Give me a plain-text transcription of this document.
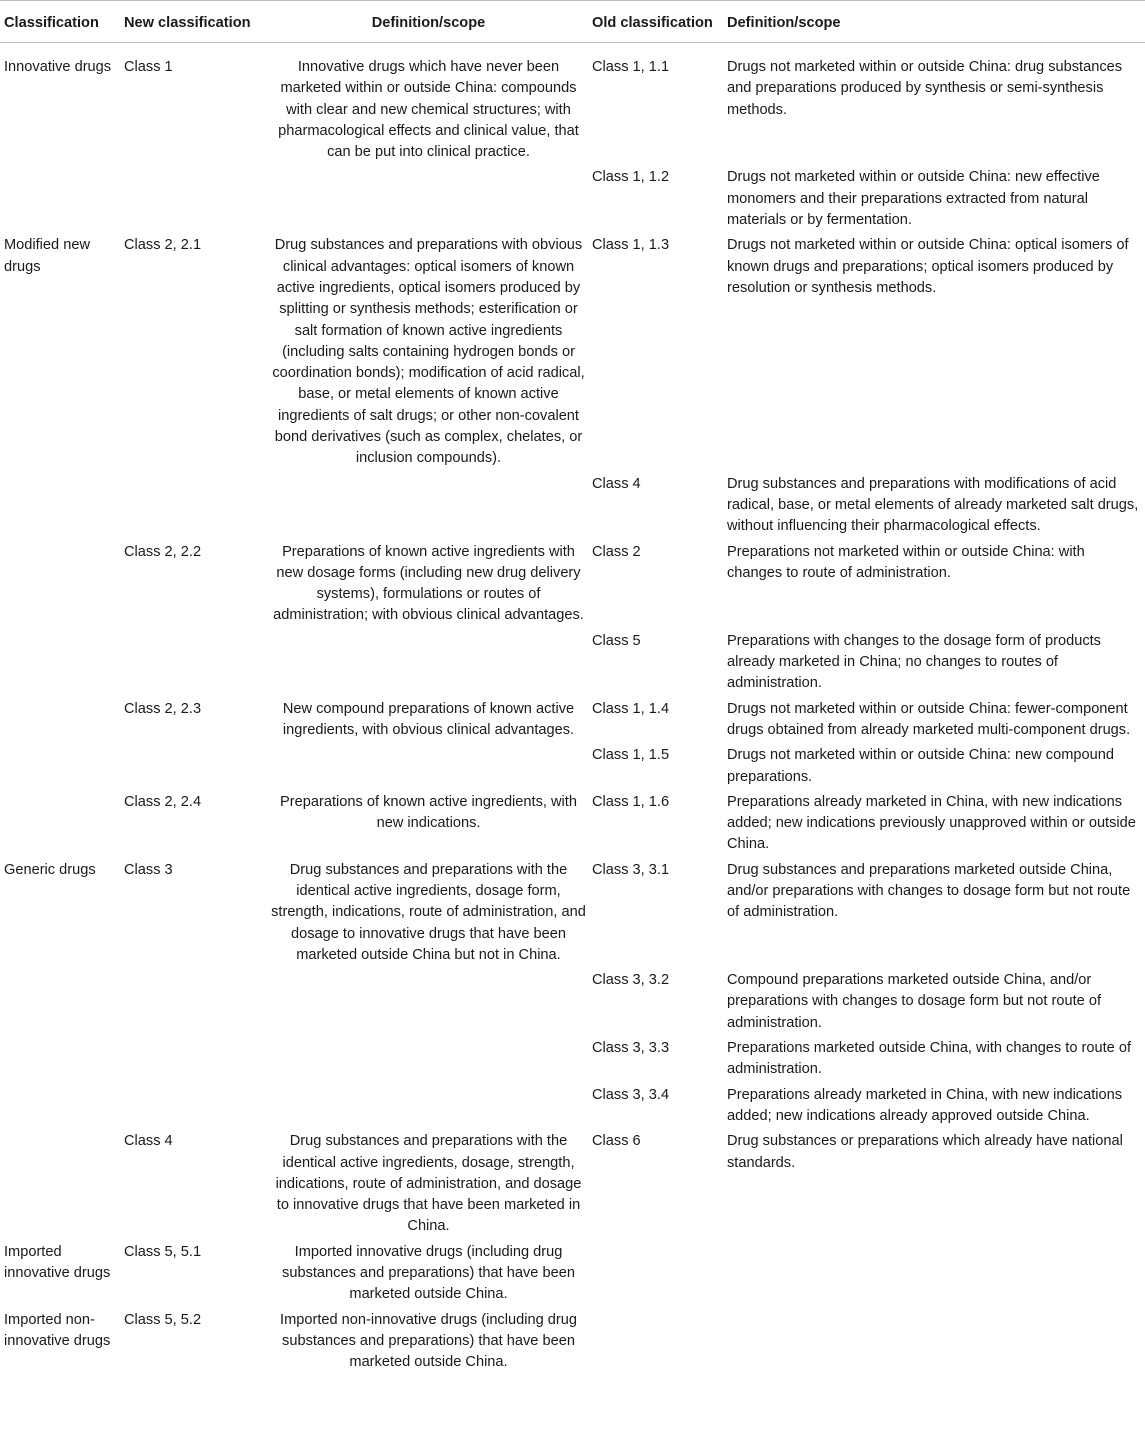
Classification	New classification	Definition/scope	Old classification	Definition/scope
Innovative drugs	Class 1	Innovative drugs which have never been marketed within or outside China: compounds with clear and new chemical structures; with pharmacological effects and clinical value, that can be put into clinical practice.	Class 1, 1.1	Drugs not marketed within or outside China: drug substances and preparations produced by synthesis or semi-synthesis methods.
			Class 1, 1.2	Drugs not marketed within or outside China: new effective monomers and their preparations extracted from natural materials or by fermentation.
Modified new drugs	Class 2, 2.1	Drug substances and preparations with obvious clinical advantages: optical isomers of known active ingredients, optical isomers produced by splitting or synthesis methods; esterification or salt formation of known active ingredients (including salts containing hydrogen bonds or coordination bonds); modification of acid radical, base, or metal elements of known active ingredients of salt drugs; or other non-covalent bond derivatives (such as complex, chelates, or inclusion compounds).	Class 1, 1.3	Drugs not marketed within or outside China: optical isomers of known drugs and preparations; optical isomers produced by resolution or synthesis methods.
			Class 4	Drug substances and preparations with modifications of acid radical, base, or metal elements of already marketed salt drugs, without influencing their pharmacological effects.
	Class 2, 2.2	Preparations of known active ingredients with new dosage forms (including new drug delivery systems), formulations or routes of administration; with obvious clinical advantages.	Class 2	Preparations not marketed within or outside China: with changes to route of administration.
			Class 5	Preparations with changes to the dosage form of products already marketed in China; no changes to routes of administration.
	Class 2, 2.3	New compound preparations of known active ingredients, with obvious clinical advantages.	Class 1, 1.4	Drugs not marketed within or outside China: fewer-component drugs obtained from already marketed multi-component drugs.
			Class 1, 1.5	Drugs not marketed within or outside China: new compound preparations.
	Class 2, 2.4	Preparations of known active ingredients, with new indications.	Class 1, 1.6	Preparations already marketed in China, with new indications added; new indications previously unapproved within or outside China.
Generic drugs	Class 3	Drug substances and preparations with the identical active ingredients, dosage form, strength, indications, route of administration, and dosage to innovative drugs that have been marketed outside China but not in China.	Class 3, 3.1	Drug substances and preparations marketed outside China, and/or preparations with changes to dosage form but not route of administration.
			Class 3, 3.2	Compound preparations marketed outside China, and/or preparations with changes to dosage form but not route of administration.
			Class 3, 3.3	Preparations marketed outside China, with changes to route of administration.
			Class 3, 3.4	Preparations already marketed in China, with new indications added; new indications already approved outside China.
	Class 4	Drug substances and preparations with the identical active ingredients, dosage, strength, indications, route of administration, and dosage to innovative drugs that have been marketed in China.	Class 6	Drug substances or preparations which already have national standards.
Imported innovative drugs	Class 5, 5.1	Imported innovative drugs (including drug substances and preparations) that have been marketed outside China.		
Imported non-innovative drugs	Class 5, 5.2	Imported non-innovative drugs (including drug substances and preparations) that have been marketed outside China.		
